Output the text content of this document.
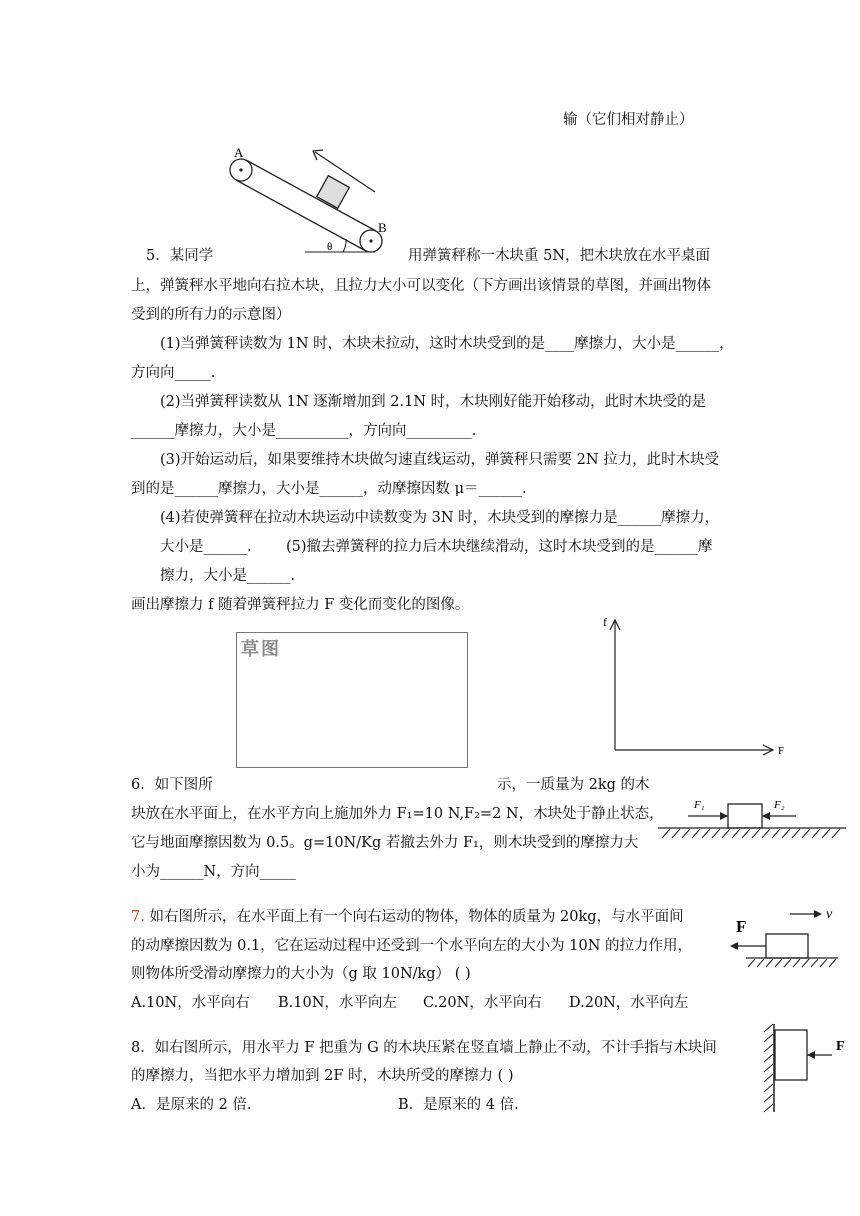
输（它们相对静止）
A
B
θ
5．某同学	用弹簧秤称一木块重 5N，把木块放在水平桌面
上，弹簧秤水平地向右拉木块，且拉力大小可以变化（下方画出该情景的草图，并画出物体
受到的所有力的示意图）
(1)当弹簧秤读数为 1N 时，木块未拉动，这时木块受到的是____摩擦力，大小是______，
方向向_____.
(2)当弹簧秤读数从 1N 逐渐增加到 2.1N 时，木块刚好能开始移动，此时木块受的是
______摩擦力，大小是__________，方向向_________.
(3)开始运动后，如果要维持木块做匀速直线运动，弹簧秤只需要 2N 拉力，此时木块受
到的是______摩擦力，大小是______，动摩擦因数 μ＝______.
(4)若使弹簧秤在拉动木块运动中读数变为 3N 时，木块受到的摩擦力是______摩擦力，
大小是______. (5)撤去弹簧秤的拉力后木块继续滑动，这时木块受到的是______摩
擦力，大小是______.
画出摩擦力 f 随着弹簧秤拉力 F 变化而变化的图像。
草图
f
F
6．如下图所	示，一质量为 2kg 的木
块放在水平面上，在水平方向上施加外力 F₁=10 N,F₂=2 N，木块处于静止状态，
它与地面摩擦因数为 0.5。g=10N/Kg 若撤去外力 F₁，则木块受到的摩擦力大
小为______N，方向_____
F₁	F₂
7. 如右图所示，在水平面上有一个向右运动的物体，物体的质量为 20kg，与水平面间
的动摩擦因数为 0.1，它在运动过程中还受到一个水平向左的大小为 10N 的拉力作用，
则物体所受滑动摩擦力的大小为（g 取 10N/kg） ( )
A.10N，水平向右 B.10N，水平向左 C.20N，水平向右 D.20N，水平向左
v
F
8．如右图所示，用水平力 F 把重为 G 的木块压紧在竖直墙上静止不动，不计手指与木块间
的摩擦力，当把水平力增加到 2F 时，木块所受的摩擦力 ( )
A．是原来的 2 倍.	B．是原来的 4 倍.
F
